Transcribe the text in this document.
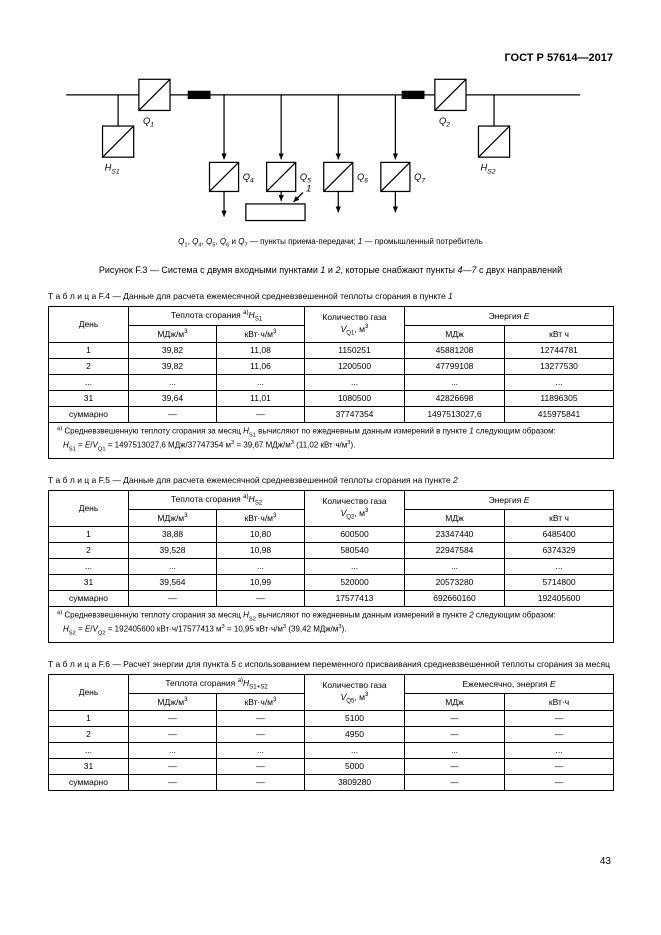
ГОСТ Р 57614—2017
$H_{S1}$
$Q_1$
$Q_4$	$Q_5$	$Q_6$	$Q_7$
1
$Q_2$
$H_{S2}$

$Q_1$, $Q_4$, $Q_5$, $Q_6$ и $Q_7$ — пункты приема-передачи; 1 — промышленный потребитель

Рисунок F.3 — Система с двумя входными пунктами 1 и 2, которые снабжают пункты 4—7 с двух направлений

Т а б л и ц а F.4 — Данные для расчета ежемесячной средневзвешенной теплоты сгорания в пункте 1

День	Теплота сгорания $^{а)}H_{S1}$		Количество газа
$V_{Q1}$, $м^3$	Энергия E	
	МДж/$м^3$	$кВт\cdot ч/м^3$		МДж	кВт ч
1	39,82	11,08	1150251	45881208	12744781
2	39,82	11,06	1200500	47799108	13277530
...	...	...	...	...	...
31	39,64	11,01	1080500	42826698	11896305
суммарно	—	—	37747354	1497513027,6	415975841

$^{а)}$ Средневзвешенную теплоту сгорания за месяц $H_{S1}$ вычисляют по ежедневным данным измерений в пункте 1 следующим образом:
$H_{S1} = E/V_{Q1} = 1497513027,6$ МДж/37747354 $м^3 = 39,67$ МДж/$м^3$ (11,02 $кВт\cdot ч/м^3$).					

Т а б л и ц а F.5 — Данные для расчета ежемесячной средневзвешенной теплоты сгорания на пункте 2

День	Теплота сгорания $^{а)}H_{S2}$		Количество газа
$V_{Q2}$, $м^3$	Энергия E	
	МДж/$м^3$	$кВт\cdot ч/м^3$		МДж	кВт ч
1	38,88	10,80	600500	23347440	6485400
2	39,528	10,98	580540	22947584	6374329
...	...	...	...	...	...
31	39,564	10,99	520000	20573280	5714800
суммарно	—	—	17577413	692660160	192405600

$^{а)}$ Средневзвешенную теплоту сгорания за месяц $H_{S2}$ вычисляют по ежедневным данным измерений в пункте 2 следующим образом:
$H_{S2} = E/V_{Q2} = 192405600$ кВт·ч/17577413 $м^3 = 10,95$ $кВт\cdot ч/м^3$ (39,42 МДж/$м^3$).					

Т а б л и ц а F.6 — Расчет энергии для пункта 5 с использованием переменного присваивания средневзвешенной теплоты сгорания за месяц

День	Теплота сгорания $^{а)}H_{S1+S2}$		Количество газа
$V_{Q5}$, $м^3$	Ежемесячно, энергия E	
	МДж/$м^3$	$кВт\cdot ч/м^3$		МДж	кВт·ч
1	—	—	5100	—	—
2	—	—	4950	—	—
...	...	...	...	...	...
31	—	—	5000	—	—
суммарно	—	—	3809280	—	—
43
